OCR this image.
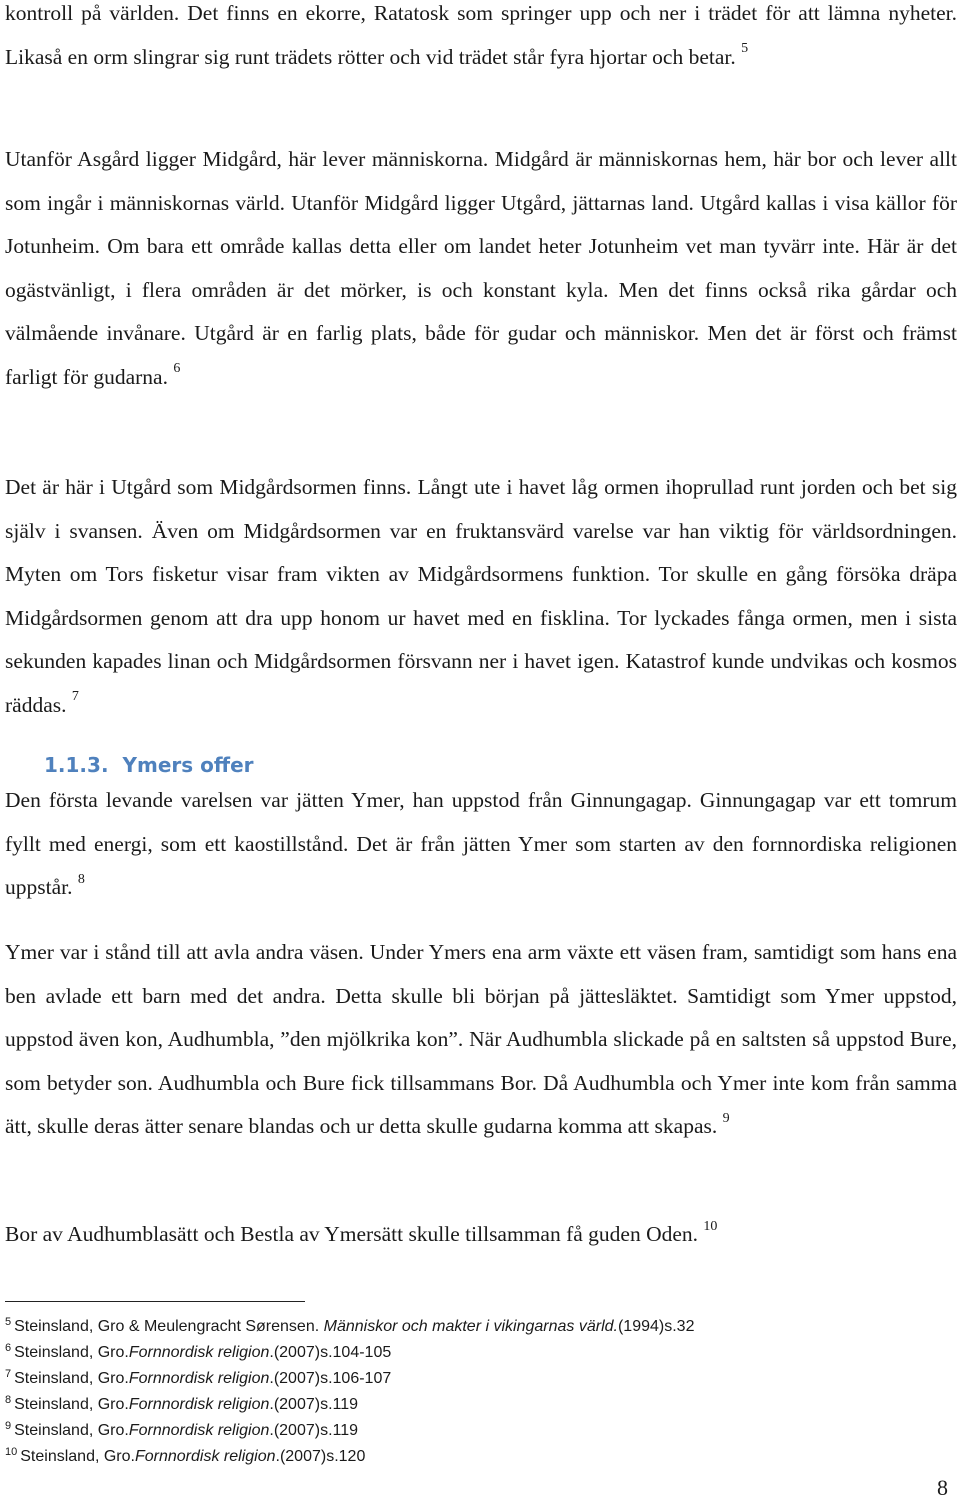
kontroll på världen. Det finns en ekorre, Ratatosk som springer upp och ner i trädet för att lämna nyheter. Likaså en orm slingrar sig runt trädets rötter och vid trädet står fyra hjortar och betar. $^5$

Utanför Asgård ligger Midgård, här lever människorna. Midgård är människornas hem, här bor och lever allt som ingår i människornas värld. Utanför Midgård ligger Utgård, jättarnas land. Utgård kallas i visa källor för Jotunheim. Om bara ett område kallas detta eller om landet heter Jotunheim vet man tyvärr inte. Här är det ogästvänligt, i flera områden är det mörker, is och konstant kyla. Men det finns också rika gårdar och välmående invånare. Utgård är en farlig plats, både för gudar och människor. Men det är först och främst farligt för gudarna. $^6$

Det är här i Utgård som Midgårdsormen finns. Långt ute i havet låg ormen ihoprullad runt jorden och bet sig själv i svansen. Även om Midgårdsormen var en fruktansvärd varelse var han viktig för världsordningen. Myten om Tors fisketur visar fram vikten av Midgårdsormens funktion. Tor skulle en gång försöka dräpa Midgårdsormen genom att dra upp honom ur havet med en fisklina. Tor lyckades fånga ormen, men i sista sekunden kapades linan och Midgårdsormen försvann ner i havet igen. Katastrof kunde undvikas och kosmos räddas. $^7$

1.1.3. Ymers offer

Den första levande varelsen var jätten Ymer, han uppstod från Ginnungagap. Ginnungagap var ett tomrum fyllt med energi, som ett kaostillstånd. Det är från jätten Ymer som starten av den fornnordiska religionen uppstår. $^8$

Ymer var i stånd till att avla andra väsen. Under Ymers ena arm växte ett väsen fram, samtidigt som hans ena ben avlade ett barn med det andra. Detta skulle bli början på jättesläktet. Samtidigt som Ymer uppstod, uppstod även kon, Audhumbla, ”den mjölkrika kon”. När Audhumbla slickade på en saltsten så uppstod Bure, som betyder son. Audhumbla och Bure fick tillsammans Bor. Då Audhumbla och Ymer inte kom från samma ätt, skulle deras ätter senare blandas och ur detta skulle gudarna komma att skapas. $^9$

Bor av Audhumblasätt och Bestla av Ymersätt skulle tillsamman få guden Oden. $^{10}$

$^5$ Steinsland, Gro & Meulengracht Sørensen. Människor och makter i vikingarnas värld.(1994)s.32
$^6$ Steinsland, Gro.Fornnordisk religion.(2007)s.104-105
$^7$ Steinsland, Gro.Fornnordisk religion.(2007)s.106-107
$^8$ Steinsland, Gro.Fornnordisk religion.(2007)s.119
$^9$ Steinsland, Gro.Fornnordisk religion.(2007)s.119
$^{10}$ Steinsland, Gro.Fornnordisk religion.(2007)s.120
8
